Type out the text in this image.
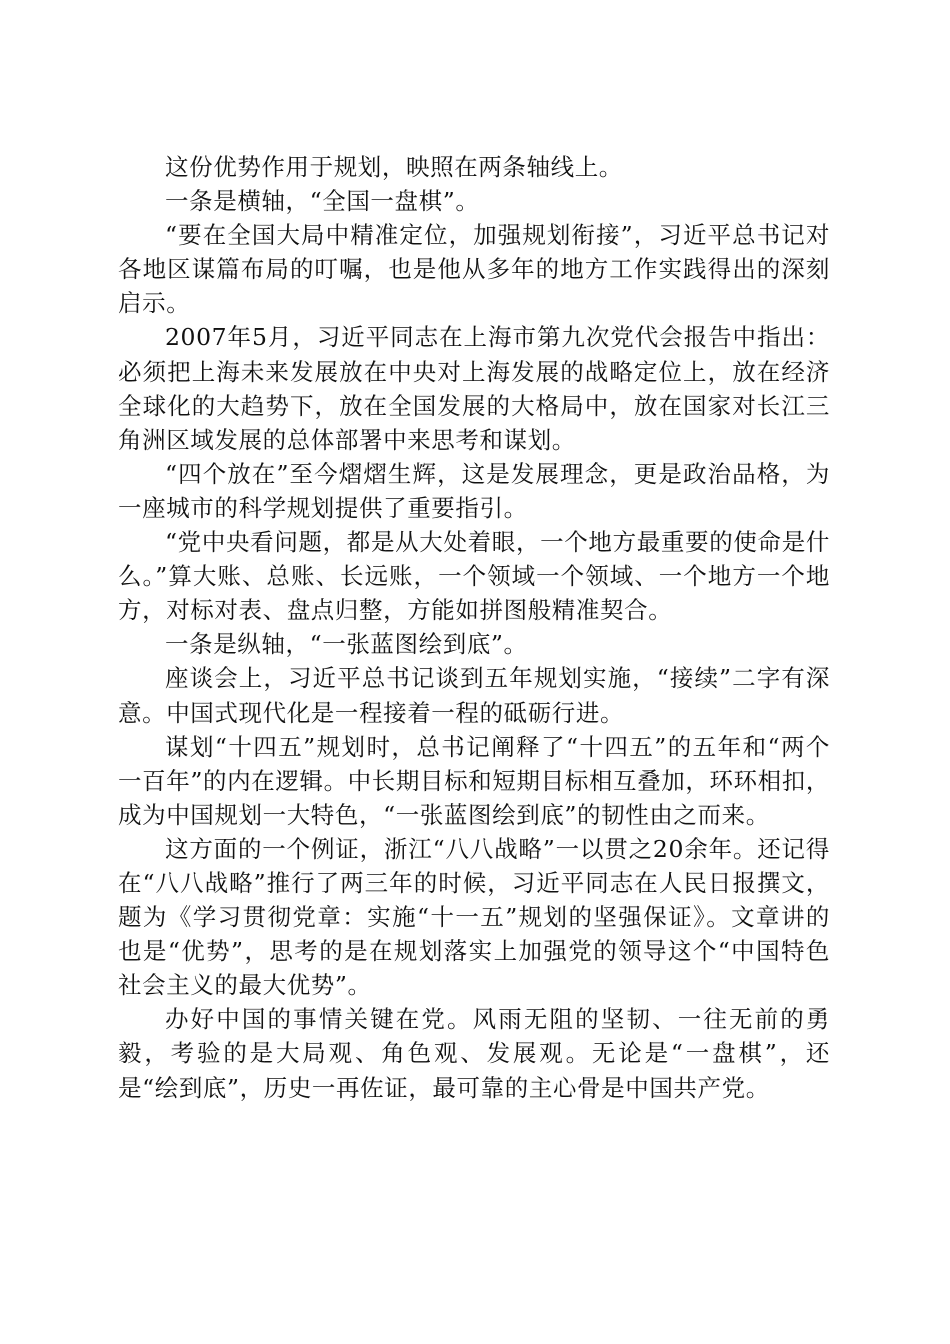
这份优势作用于规划，映照在两条轴线上。

一条是横轴，“全国一盘棋”。

“要在全国大局中精准定位，加强规划衔接”，习近平总书记对各地区谋篇布局的叮嘱，也是他从多年的地方工作实践得出的深刻启示。

2007年5月，习近平同志在上海市第九次党代会报告中指出：必须把上海未来发展放在中央对上海发展的战略定位上，放在经济全球化的大趋势下，放在全国发展的大格局中，放在国家对长江三角洲区域发展的总体部署中来思考和谋划。

“四个放在”至今熠熠生辉，这是发展理念，更是政治品格，为一座城市的科学规划提供了重要指引。

“党中央看问题，都是从大处着眼，一个地方最重要的使命是什么。”算大账、总账、长远账，一个领域一个领域、一个地方一个地方，对标对表、盘点归整，方能如拼图般精准契合。

一条是纵轴，“一张蓝图绘到底”。

座谈会上，习近平总书记谈到五年规划实施，“接续”二字有深意。中国式现代化是一程接着一程的砥砺行进。

谋划“十四五”规划时，总书记阐释了“十四五”的五年和“两个一百年”的内在逻辑。中长期目标和短期目标相互叠加，环环相扣，成为中国规划一大特色，“一张蓝图绘到底”的韧性由之而来。

这方面的一个例证，浙江“八八战略”一以贯之20余年。还记得在“八八战略”推行了两三年的时候，习近平同志在人民日报撰文，题为《学习贯彻党章：实施“十一五”规划的坚强保证》。文章讲的也是“优势”，思考的是在规划落实上加强党的领导这个“中国特色社会主义的最大优势”。

办好中国的事情关键在党。风雨无阻的坚韧、一往无前的勇毅，考验的是大局观、角色观、发展观。无论是“一盘棋”，还是“绘到底”，历史一再佐证，最可靠的主心骨是中国共产党。
